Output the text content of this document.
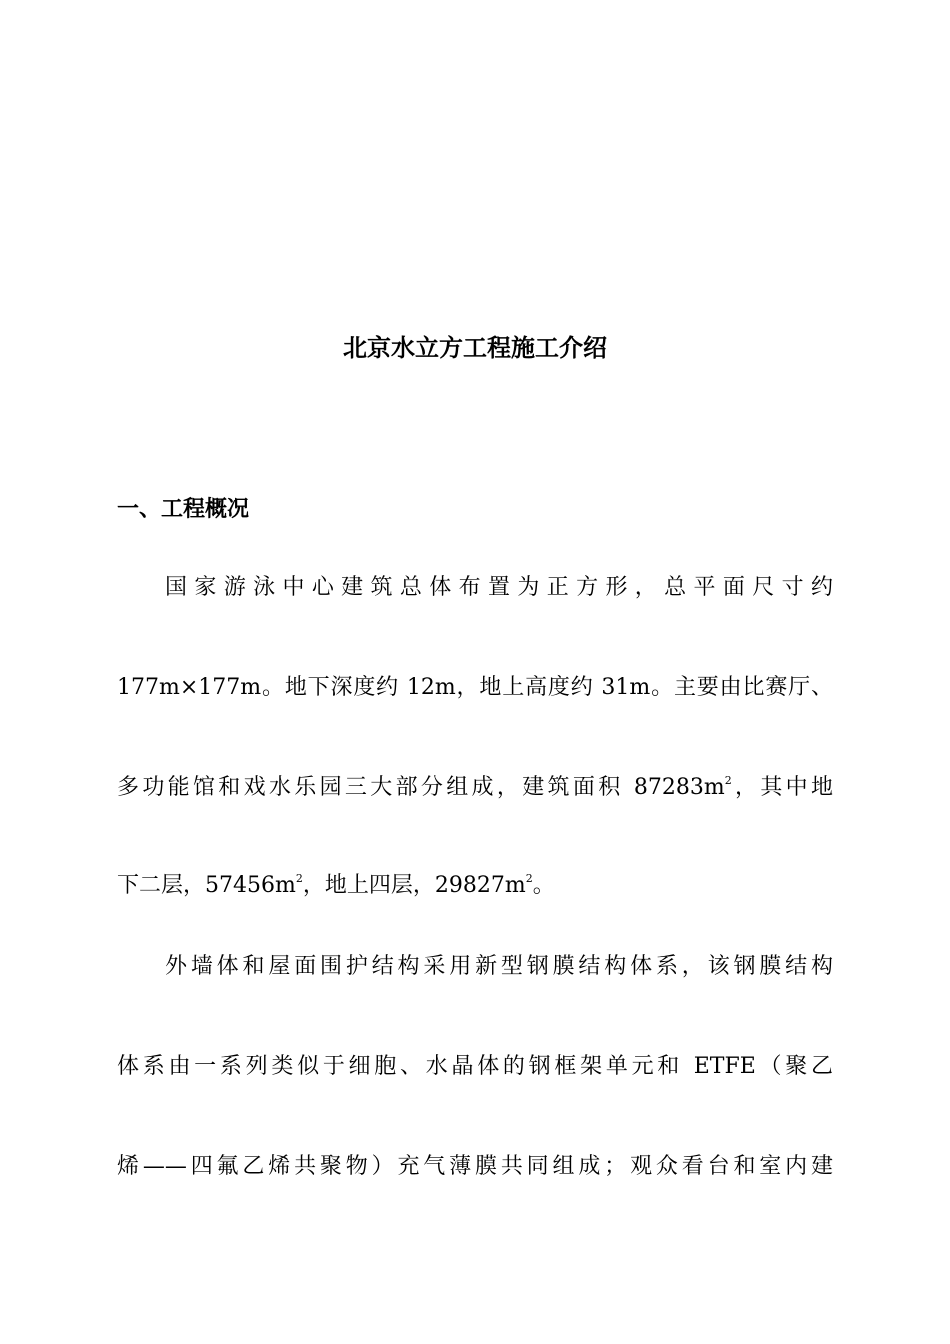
北京水立方工程施工介绍
一、工程概况

国家游泳中心建筑总体布置为正方形，总平面尺寸约

177m×177m。地下深度约 12m，地上高度约 31m。主要由比赛厅、

多功能馆和戏水乐园三大部分组成，建筑面积 $87283m^2$，其中地

下二层，$57456m^2$，地上四层，$29827m^2$。

外墙体和屋面围护结构采用新型钢膜结构体系，该钢膜结构

体系由一系列类似于细胞、水晶体的钢框架单元和 ETFE（聚乙

烯——四氟乙烯共聚物）充气薄膜共同组成；观众看台和室内建
